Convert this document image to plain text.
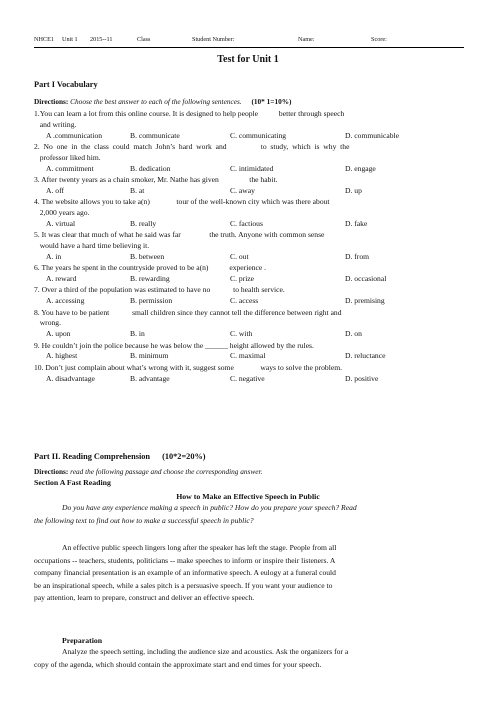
NHCE1 Unit 1 2015--11	Class	Student Number:	Name:	Score:
Test for Unit 1
Part I Vocabulary
Directions: Choose the best answer to each of the following sentences. (10* 1=10%)
1.You can learn a lot from this online course. It is designed to help people           better through speech
and writing.
A .communication	B. communicate	C. communicating	D. communicable
2.  No  one  in  the  class  could  match  John’s  hard  work  and                  to  study,  which  is  why  the
professor liked him.
A. commitment	B. dedication	C. intimidated	D. engage
3. After twenty years as a chain smoker, Mr. Nathe has given                the habit.
A. off	B. at	C. away	D. up
4. The website allows you to take a(n)              tour of the well-known city which was there about
2,000 years ago.
A. virtual	B. really	C. factious	D. fake
5. It was clear that much of what he said was far               the truth. Anyone with common sense
would have a hard time believing it.
A. in	B. between	C. out	D. from
6. The years he spent in the countryside proved to be a(n)           experience .
A. reward	B. rewarding	C. prize	D. occasional
7. Over a third of the population was estimated to have no            to health service.
A. accessing	B. permission	C. access	D. premising
8. You have to be patient            small children since they cannot tell the difference between right and
wrong.
A. upon	B. in	C. with	D. on
9. He couldn’t join the police because he was below the ______ height allowed by the rules.
A. highest	B. minimum	C. maximal	D. reluctance
10. Don’t just complain about what’s wrong with it, suggest some              ways to solve the problem.
A. disadvantage	B. advantage	C. negative	D. positive
Part II. Reading Comprehension (10*2=20%)
Directions: read the following passage and choose the corresponding answer.
Section A Fast Reading
How to Make an Effective Speech in Public
Do you have any experience making a speech in public? How do you prepare your speech? Read
the following text to find out how to make a successful speech in public?
An effective public speech lingers long after the speaker has left the stage. People from all
occupations -- teachers, students, politicians -- make speeches to inform or inspire their listeners. A
company financial presentation is an example of an informative speech. A eulogy at a funeral could
be an inspirational speech, while a sales pitch is a persuasive speech. If you want your audience to
pay attention, learn to prepare, construct and deliver an effective speech.
Preparation
Analyze the speech setting, including the audience size and acoustics. Ask the organizers for a
copy of the agenda, which should contain the approximate start and end times for your speech.
